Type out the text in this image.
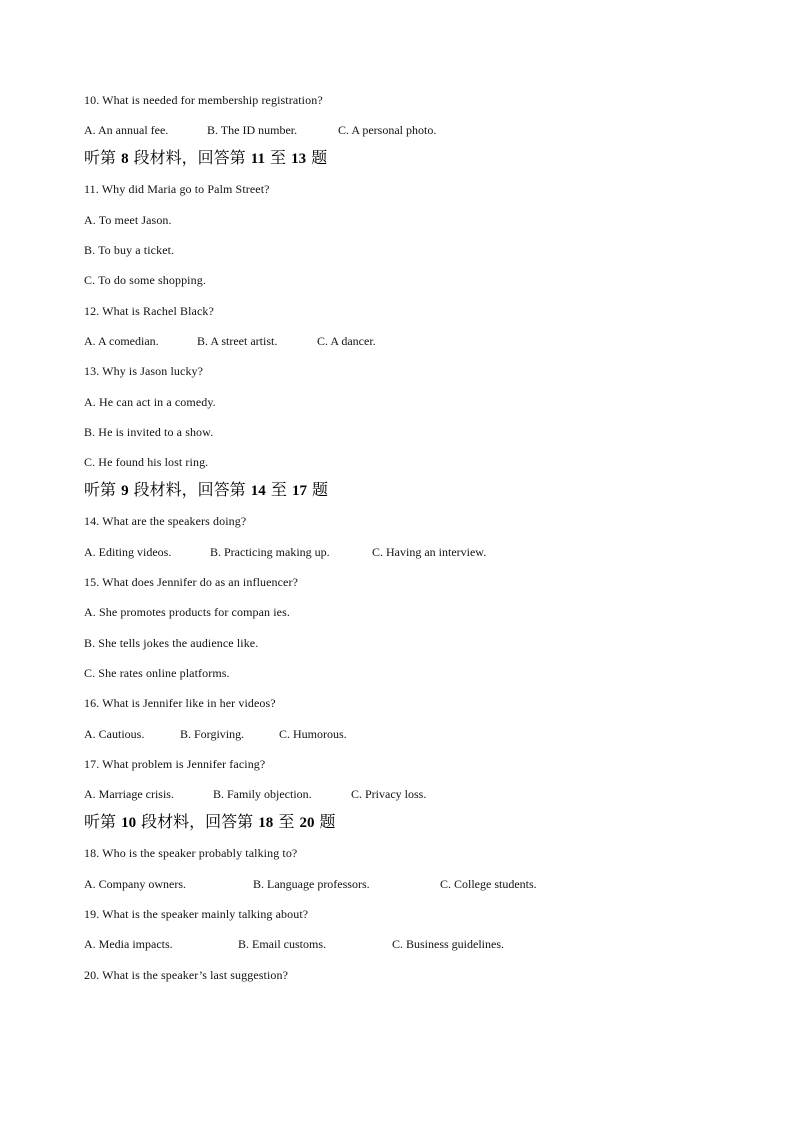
10. What is needed for membership registration?
A. An annual fee.	B. The ID number.	C. A personal photo.
听第 8 段材料，回答第 11 至 13 题
11. Why did Maria go to Palm Street?
A. To meet Jason.
B. To buy a ticket.
C. To do some shopping.
12. What is Rachel Black?
A. A comedian.	B. A street artist.	C. A dancer.
13. Why is Jason lucky?
A. He can act in a comedy.
B. He is invited to a show.
C. He found his lost ring.
听第 9 段材料，回答第 14 至 17 题
14. What are the speakers doing?
A. Editing videos.	B. Practicing making up.	C. Having an interview.
15. What does Jennifer do as an influencer?
A. She promotes products for compan ies.
B. She tells jokes the audience like.
C. She rates online platforms.
16. What is Jennifer like in her videos?
A. Cautious.	B. Forgiving.	C. Humorous.
17. What problem is Jennifer facing?
A. Marriage crisis.	B. Family objection.	C. Privacy loss.
听第 10 段材料，回答第 18 至 20 题
18. Who is the speaker probably talking to?
A. Company owners.	B. Language professors.	C. College students.
19. What is the speaker mainly talking about?
A. Media impacts.	B. Email customs.	C. Business guidelines.
20. What is the speaker’s last suggestion?
